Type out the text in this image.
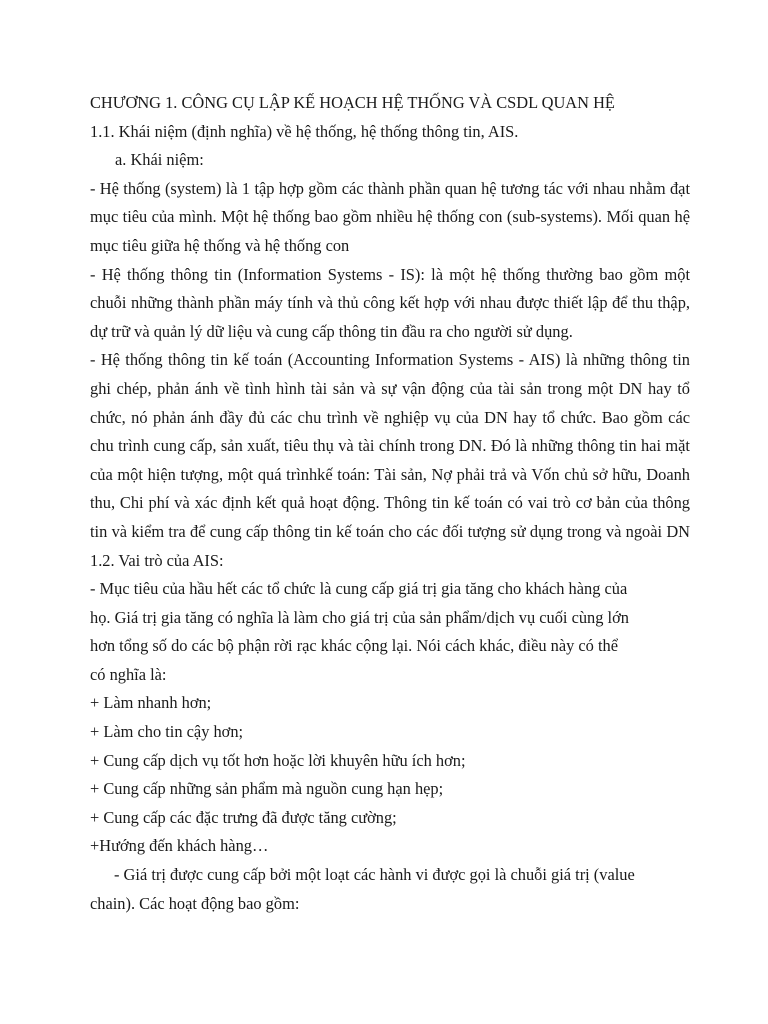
CHƯƠNG 1. CÔNG CỤ LẬP KẾ HOẠCH HỆ THỐNG VÀ CSDL QUAN HỆ
1.1. Khái niệm (định nghĩa) về hệ thống, hệ thống thông tin, AIS.
a. Khái niệm:
- Hệ thống (system) là 1 tập hợp gồm các thành phần quan hệ tương tác với nhau nhằm đạt
mục tiêu của mình. Một hệ thống bao gồm nhiều hệ thống con (sub-systems). Mối quan hệ
mục tiêu giữa hệ thống và hệ thống con
- Hệ thống thông tin (Information Systems - IS): là một hệ thống thường bao gồm một
chuỗi những thành phần máy tính và thủ công kết hợp với nhau được thiết lập để thu thập,
dự trữ và quản lý dữ liệu và cung cấp thông tin đầu ra cho người sử dụng.
- Hệ thống thông tin kế toán (Accounting Information Systems - AIS) là những thông tin
ghi chép, phản ánh về tình hình tài sản và sự vận động của tài sản trong một DN hay tổ
chức, nó phản ánh đầy đủ các chu trình về nghiệp vụ của DN hay tổ chức. Bao gồm các
chu trình cung cấp, sản xuất, tiêu thụ và tài chính trong DN. Đó là những thông tin hai mặt
của một hiện tượng, một quá trìnhkế toán: Tài sản, Nợ phải trả và Vốn chủ sở hữu, Doanh
thu, Chi phí và xác định kết quả hoạt động. Thông tin kế toán có vai trò cơ bản của thông
tin và kiểm tra để cung cấp thông tin kế toán cho các đối tượng sử dụng trong và ngoài DN
1.2. Vai trò của AIS:
- Mục tiêu của hầu hết các tổ chức là cung cấp giá trị gia tăng cho khách hàng của
họ. Giá trị gia tăng có nghĩa là làm cho giá trị của sản phẩm/dịch vụ cuối cùng lớn
hơn tổng số do các bộ phận rời rạc khác cộng lại. Nói cách khác, điều này có thể
có nghĩa là:
+ Làm nhanh hơn;
+ Làm cho tin cậy hơn;
+ Cung cấp dịch vụ tốt hơn hoặc lời khuyên hữu ích hơn;
+ Cung cấp những sản phẩm mà nguồn cung hạn hẹp;
+ Cung cấp các đặc trưng đã được tăng cường;
+Hướng đến khách hàng…
- Giá trị được cung cấp bởi một loạt các hành vi được gọi là chuỗi giá trị (value
chain). Các hoạt động bao gồm:
